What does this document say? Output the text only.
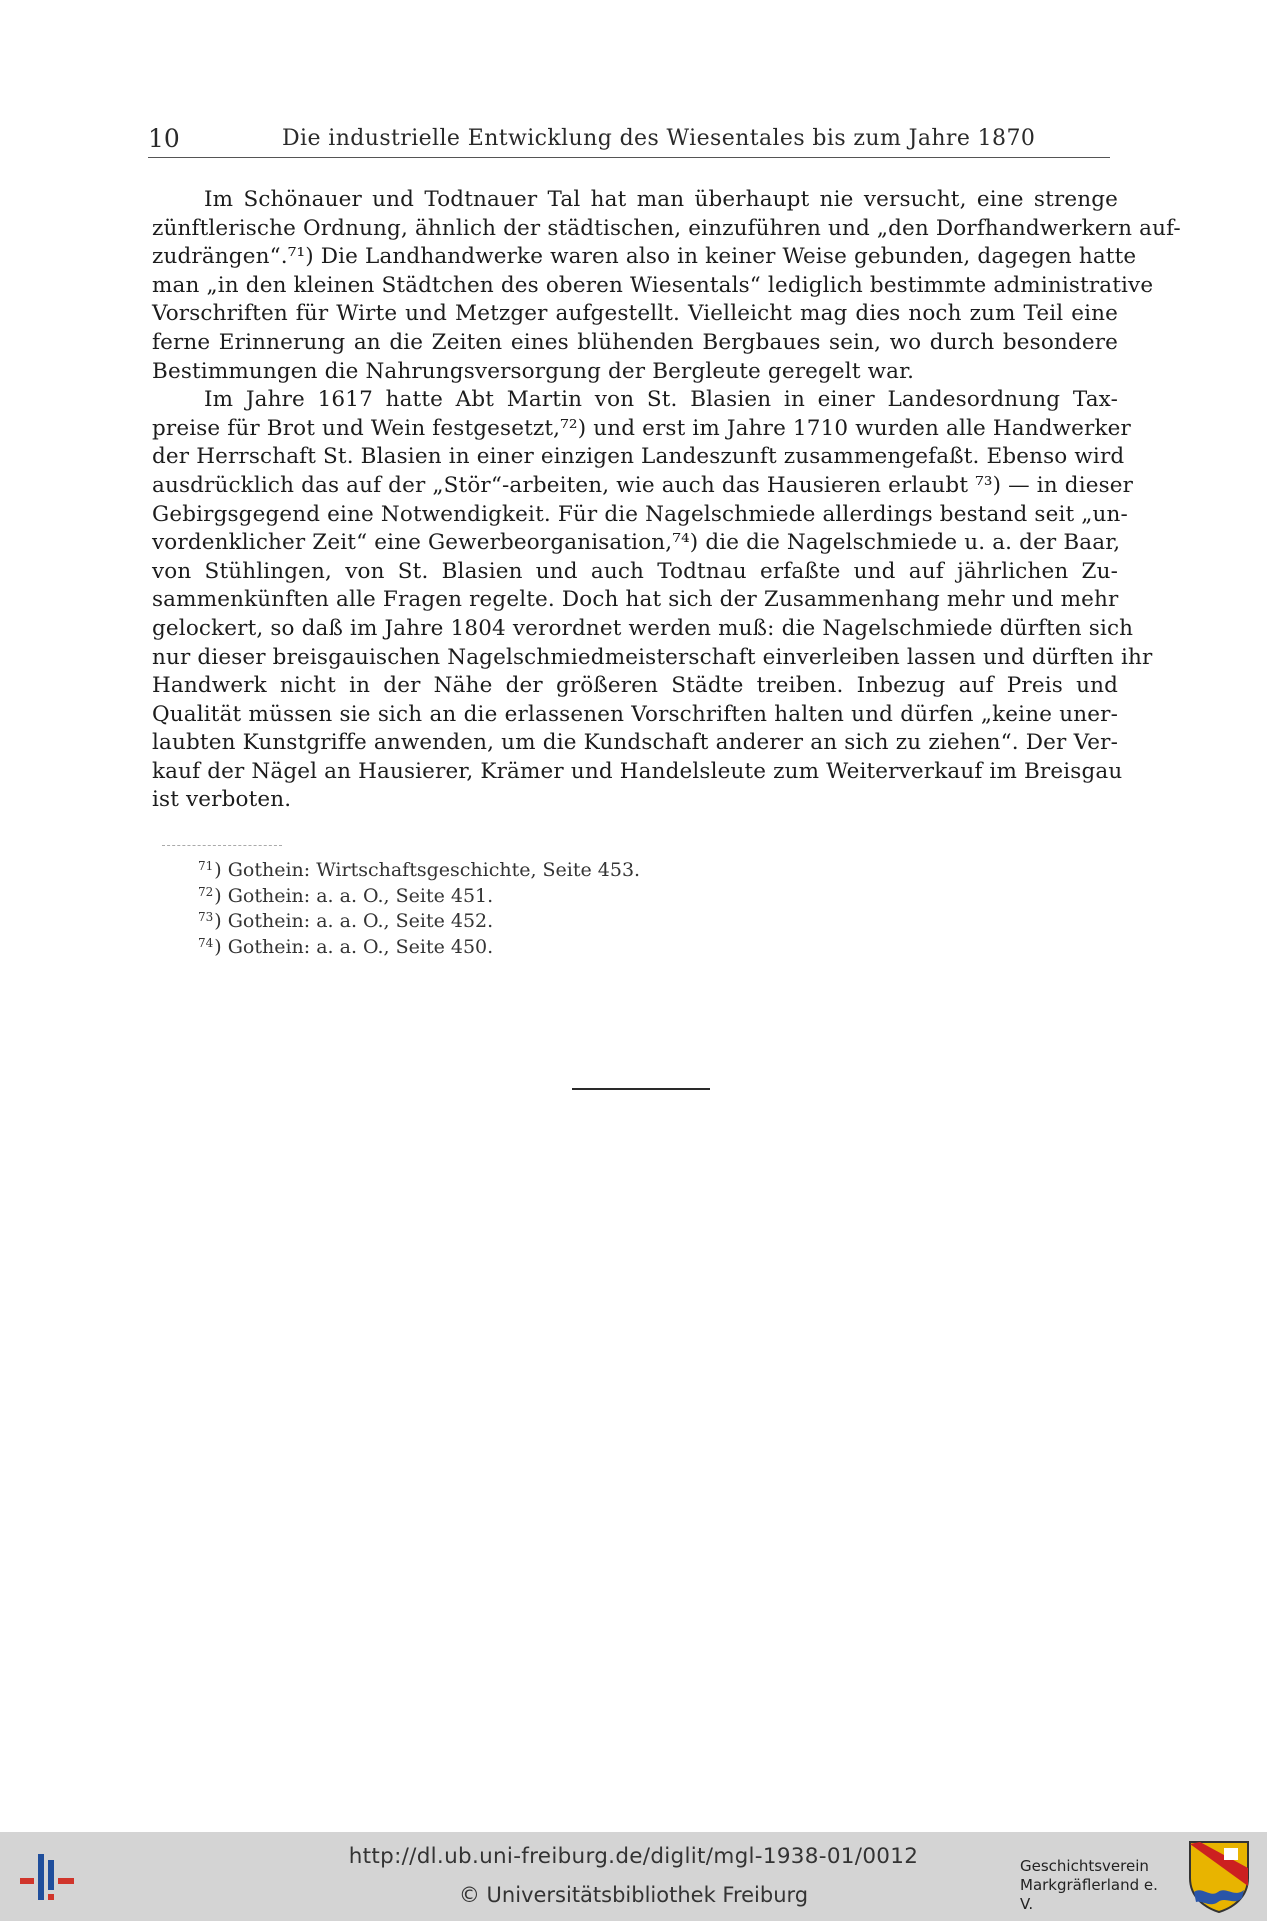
10	Die industrielle Entwicklung des Wiesentales bis zum Jahre 1870
Im Schönauer und Todtnauer Tal hat man überhaupt nie versucht, eine strenge
zünftlerische Ordnung, ähnlich der städtischen, einzuführen und „den Dorfhandwerkern auf-
zudrängen“.⁷¹) Die Landhandwerke waren also in keiner Weise gebunden, dagegen hatte
man „in den kleinen Städtchen des oberen Wiesentals“ lediglich bestimmte administrative
Vorschriften für Wirte und Metzger aufgestellt. Vielleicht mag dies noch zum Teil eine
ferne Erinnerung an die Zeiten eines blühenden Bergbaues sein, wo durch besondere
Bestimmungen die Nahrungsversorgung der Bergleute geregelt war.
Im Jahre 1617 hatte Abt Martin von St. Blasien in einer Landesordnung Tax-
preise für Brot und Wein festgesetzt,⁷²) und erst im Jahre 1710 wurden alle Handwerker
der Herrschaft St. Blasien in einer einzigen Landeszunft zusammengefaßt. Ebenso wird
ausdrücklich das auf der „Stör“-arbeiten, wie auch das Hausieren erlaubt ⁷³) — in dieser
Gebirgsgegend eine Notwendigkeit. Für die Nagelschmiede allerdings bestand seit „un-
vordenklicher Zeit“ eine Gewerbeorganisation,⁷⁴) die die Nagelschmiede u. a. der Baar,
von Stühlingen, von St. Blasien und auch Todtnau erfaßte und auf jährlichen Zu-
sammenkünften alle Fragen regelte. Doch hat sich der Zusammenhang mehr und mehr
gelockert, so daß im Jahre 1804 verordnet werden muß: die Nagelschmiede dürften sich
nur dieser breisgauischen Nagelschmiedmeisterschaft einverleiben lassen und dürften ihr
Handwerk nicht in der Nähe der größeren Städte treiben. Inbezug auf Preis und
Qualität müssen sie sich an die erlassenen Vorschriften halten und dürfen „keine uner-
laubten Kunstgriffe anwenden, um die Kundschaft anderer an sich zu ziehen“. Der Ver-
kauf der Nägel an Hausierer, Krämer und Handelsleute zum Weiterverkauf im Breisgau
ist verboten.
$^{71}$) Gothein: Wirtschaftsgeschichte, Seite 453.
$^{72}$) Gothein: a. a. O., Seite 451.
$^{73}$) Gothein: a. a. O., Seite 452.
$^{74}$) Gothein: a. a. O., Seite 450.
http://dl.ub.uni-freiburg.de/diglit/mgl-1938-01/0012
© Universitätsbibliothek Freiburg
Geschichtsverein
Markgräflerland e. V.
